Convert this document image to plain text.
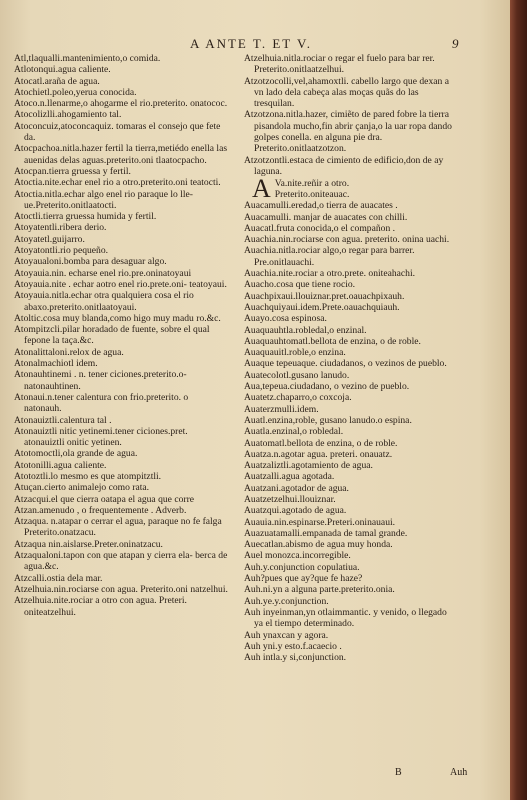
A ANTE T. ET V.	9

Atl,tlaqualli.mantenimiento,o comida.

Atlotonqui.agua caliente.

Atocatl.araña de agua.

Atochietl.poleo,yerua conocida.

Atoco.n.llenarme,o ahogarme el rio.preterito. onatococ.

Atocolizlli.ahogamiento tal.

Atoconcuiz,atoconcaquiz. tomaras el consejo que fete da.

Atocpachoa.nitla.hazer fertil la tierra,metiédo enella las auenidas delas aguas.preterito.oni tlaatocpacho.

Atocpan.tierra gruessa y fertil.

Atoctia.nite.echar enel rio a otro.preterito.oni teatocti.

Atoctia.nitla.echar algo enel rio paraque lo lle- ue.Preterito.onitlaatocti.

Atoctli.tierra gruessa humida y fertil.

Atoyatentli.ribera derio.

Atoyatetl.guijarro.

Atoyatontli.rio pequeño.

Atoyaualoni.bomba para desaguar algo.

Atoyauia.nin. echarse enel rio.pre.oninatoyaui

Atoyauia.nite . echar aotro enel rio.prete.oni- teatoyaui.

Atoyauia.nitla.echar otra qualquiera cosa el rio abaxo.preterito.onitlaatoyaui.

Atoltic.cosa muy blanda,como higo muy madu ro.&c.

Atompitzcli.pilar horadado de fuente, sobre el qual fepone la taça.&c.

Atonalittaloni.relox de agua.

Atonalmachiotl idem.

Atonauhtinemi . n. tener ciciones.preterito.o- natonauhtinen.

Atonaui.n.tener calentura con frio.preterito. o natonauh.

Atonauiztli.calentura tal .

Atonauiztli nitic yetinemi.tener ciciones.pret. atonauiztli onitic yetinen.

Atotomoctli,ola grande de agua.

Atotonilli.agua caliente.

Atotoztli.lo mesmo es que atompitztli.

Atuçan.cierto animalejo como rata.

Atzacqui.el que cierra oatapa el agua que corre

Atzan.amenudo , o frequentemente . Adverb.

Atzaqua. n.atapar o cerrar el agua, paraque no fe falga Preterito.onatzacu.

Atzaqua nin.aislarse.Preter.oninatzacu.

Atzaqualoni.tapon con que atapan y cierra ela- berca de agua.&c.

Atzcalli.ostia dela mar.

Atzelhuia.nin.rociarse con agua. Preterito.oni natzelhui.

Atzelhuia.nite.rociar a otro con agua. Preteri. oniteatzelhui.

Atzelhuia.nitla.rociar o regar el fuelo para bar rer. Preterito.onitlaatzelhui.

Atzotzocolli,vel,ahamoxtli. cabello largo que dexan a vn lado dela cabeça alas moças quãs do las tresquilan.

Atzotzona.nitla.hazer, cimiẽto de pared fobre la tierra pisandola mucho,fin abrir çanja,o la uar ropa dando golpes conella. en alguna pie dra. Preterito.onitlaatzotzon.

Atzotzontli.estaca de cimiento de edificio,don de ay laguna.

A Va.nite.reñir a otro.
Preterito.oniteauac.

Auacamulli.eredad,o tierra de auacates .

Auacamulli. manjar de auacates con chilli.

Auacatl.fruta conocida,o el compañon .

Auachia.nin.rociarse con agua. preterito. onina uachi.

Auachia.nitla.rociar algo,o regar para barrer. Pre.onitlauachi.

Auachia.nite.rociar a otro.prete. oniteahachi.

Auacho.cosa que tiene rocio.

Auachpixaui.llouiznar.pret.oauachpixauh.

Auachquiyaui.idem.Prete.oauachquiauh.

Auayo.cosa espinosa.

Auaquauhtla.robledal,o enzinal.

Auaquauhtomatl.bellota de enzina, o de roble.

Auaquauitl.roble,o enzina.

Auaque tepeuaque. ciudadanos, o vezinos de pueblo.

Auatecolotl.gusano lanudo.

Aua,tepeua.ciudadano, o vezino de pueblo.

Auatetz.chaparro,o coxcoja.

Auaterzmulli.idem.

Auatl.enzina,roble, gusano lanudo.o espina.

Auatla.enzinal,o robledal.

Auatomatl.bellota de enzina, o de roble.

Auatza.n.agotar agua. preteri. onauatz.

Auatzaliztli.agotamiento de agua.

Auatzalli.agua agotada.

Auatzani.agotador de agua.

Auatzetzelhui.llouiznar.

Auatzqui.agotado de agua.

Auauia.nin.espinarse.Preteri.oninauaui.

Auazuatamalli.empanada de tamal grande.

Auecatlan.abismo de agua muy honda.

Auel monozca.incorregible.

Auh.y.conjunction copulatiua.

Auh?pues que ay?que fe haze?

Auh.ni.yn a alguna parte.preterito.onia.

Auh.ye.y.conjunction.

Auh inyeinman,yn otlaimmantic. y venido, o llegado ya el tiempo determinado.

Auh ynaxcan y agora.

Auh yni.y esto.f.acaecio .

Auh intla.y si,conjunction.

B	Auh
